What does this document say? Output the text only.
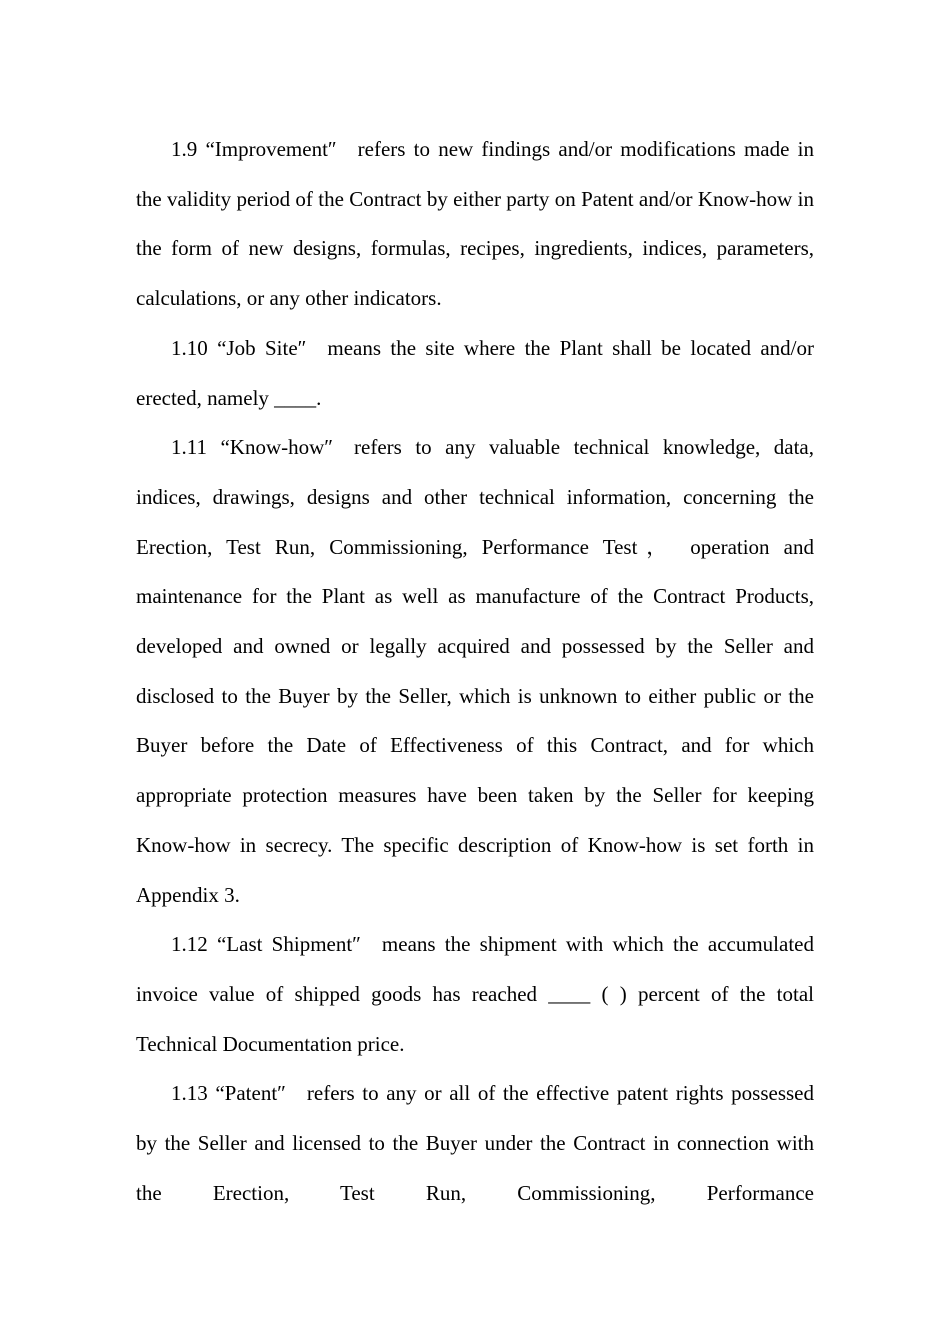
1.9 “Improvement″ refers to new findings and/or modifications made in the validity period of the Contract by either party on Patent and/or Know-how in the form of new designs, formulas, recipes, ingredients, indices, parameters, calculations, or any other indicators.

1.10 “Job Site″ means the site where the Plant shall be located and/or erected, namely ____.

1.11 “Know-how″ refers to any valuable technical knowledge, data, indices, drawings, designs and other technical information, concerning the Erection, Test Run, Commissioning, Performance Test， operation and maintenance for the Plant as well as manufacture of the Contract Products, developed and owned or legally acquired and possessed by the Seller and disclosed to the Buyer by the Seller, which is unknown to either public or the Buyer before the Date of Effectiveness of this Contract, and for which appropriate protection measures have been taken by the Seller for keeping Know-how in secrecy. The specific description of Know-how is set forth in Appendix 3.

1.12 “Last Shipment″ means the shipment with which the accumulated invoice value of shipped goods has reached ____ ( ) percent of the total Technical Documentation price.

1.13 “Patent″ refers to any or all of the effective patent rights possessed by the Seller and licensed to the Buyer under the Contract in connection with the Erection, Test Run, Commissioning, Performance
